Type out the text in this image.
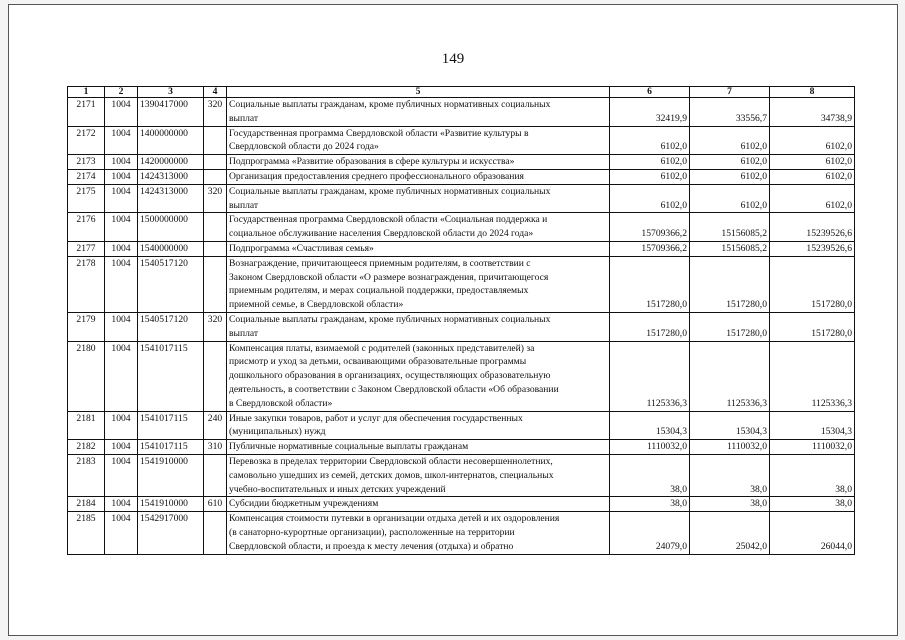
149
1	2	3	4	5	6	7	8
2171	1004	1390417000	320	Социальные выплаты гражданам, кроме публичных нормативных социальных
выплат	32419,9	33556,7	34738,9
2172	1004	1400000000		Государственная программа Свердловской области «Развитие культуры в
Свердловской области до 2024 года»	6102,0	6102,0	6102,0
2173	1004	1420000000		Подпрограмма «Развитие образования в сфере культуры и искусства»	6102,0	6102,0	6102,0
2174	1004	1424313000		Организация предоставления среднего профессионального образования	6102,0	6102,0	6102,0
2175	1004	1424313000	320	Социальные выплаты гражданам, кроме публичных нормативных социальных
выплат	6102,0	6102,0	6102,0
2176	1004	1500000000		Государственная программа Свердловской области «Социальная поддержка и
социальное обслуживание населения Свердловской области до 2024 года»	15709366,2	15156085,2	15239526,6
2177	1004	1540000000		Подпрограмма «Счастливая семья»	15709366,2	15156085,2	15239526,6
2178	1004	1540517120		Вознаграждение, причитающееся приемным родителям, в соответствии с
Законом Свердловской области «О размере вознаграждения, причитающегося
приемным родителям, и мерах социальной поддержки, предоставляемых
приемной семье, в Свердловской области»	1517280,0	1517280,0	1517280,0
2179	1004	1540517120	320	Социальные выплаты гражданам, кроме публичных нормативных социальных
выплат	1517280,0	1517280,0	1517280,0
2180	1004	1541017115		Компенсация платы, взимаемой с родителей (законных представителей) за
присмотр и уход за детьми, осваивающими образовательные программы
дошкольного образования в организациях, осуществляющих образовательную
деятельность, в соответствии с Законом Свердловской области «Об образовании
в Свердловской области»	1125336,3	1125336,3	1125336,3
2181	1004	1541017115	240	Иные закупки товаров, работ и услуг для обеспечения государственных
(муниципальных) нужд	15304,3	15304,3	15304,3
2182	1004	1541017115	310	Публичные нормативные социальные выплаты гражданам	1110032,0	1110032,0	1110032,0
2183	1004	1541910000		Перевозка в пределах территории Свердловской области несовершеннолетних,
самовольно ушедших из семей, детских домов, школ-интернатов, специальных
учебно-воспитательных и иных детских учреждений	38,0	38,0	38,0
2184	1004	1541910000	610	Субсидии бюджетным учреждениям	38,0	38,0	38,0
2185	1004	1542917000		Компенсация стоимости путевки в организации отдыха детей и их оздоровления
(в санаторно-курортные организации), расположенные на территории
Свердловской области, и проезда к месту лечения (отдыха) и обратно	24079,0	25042,0	26044,0
